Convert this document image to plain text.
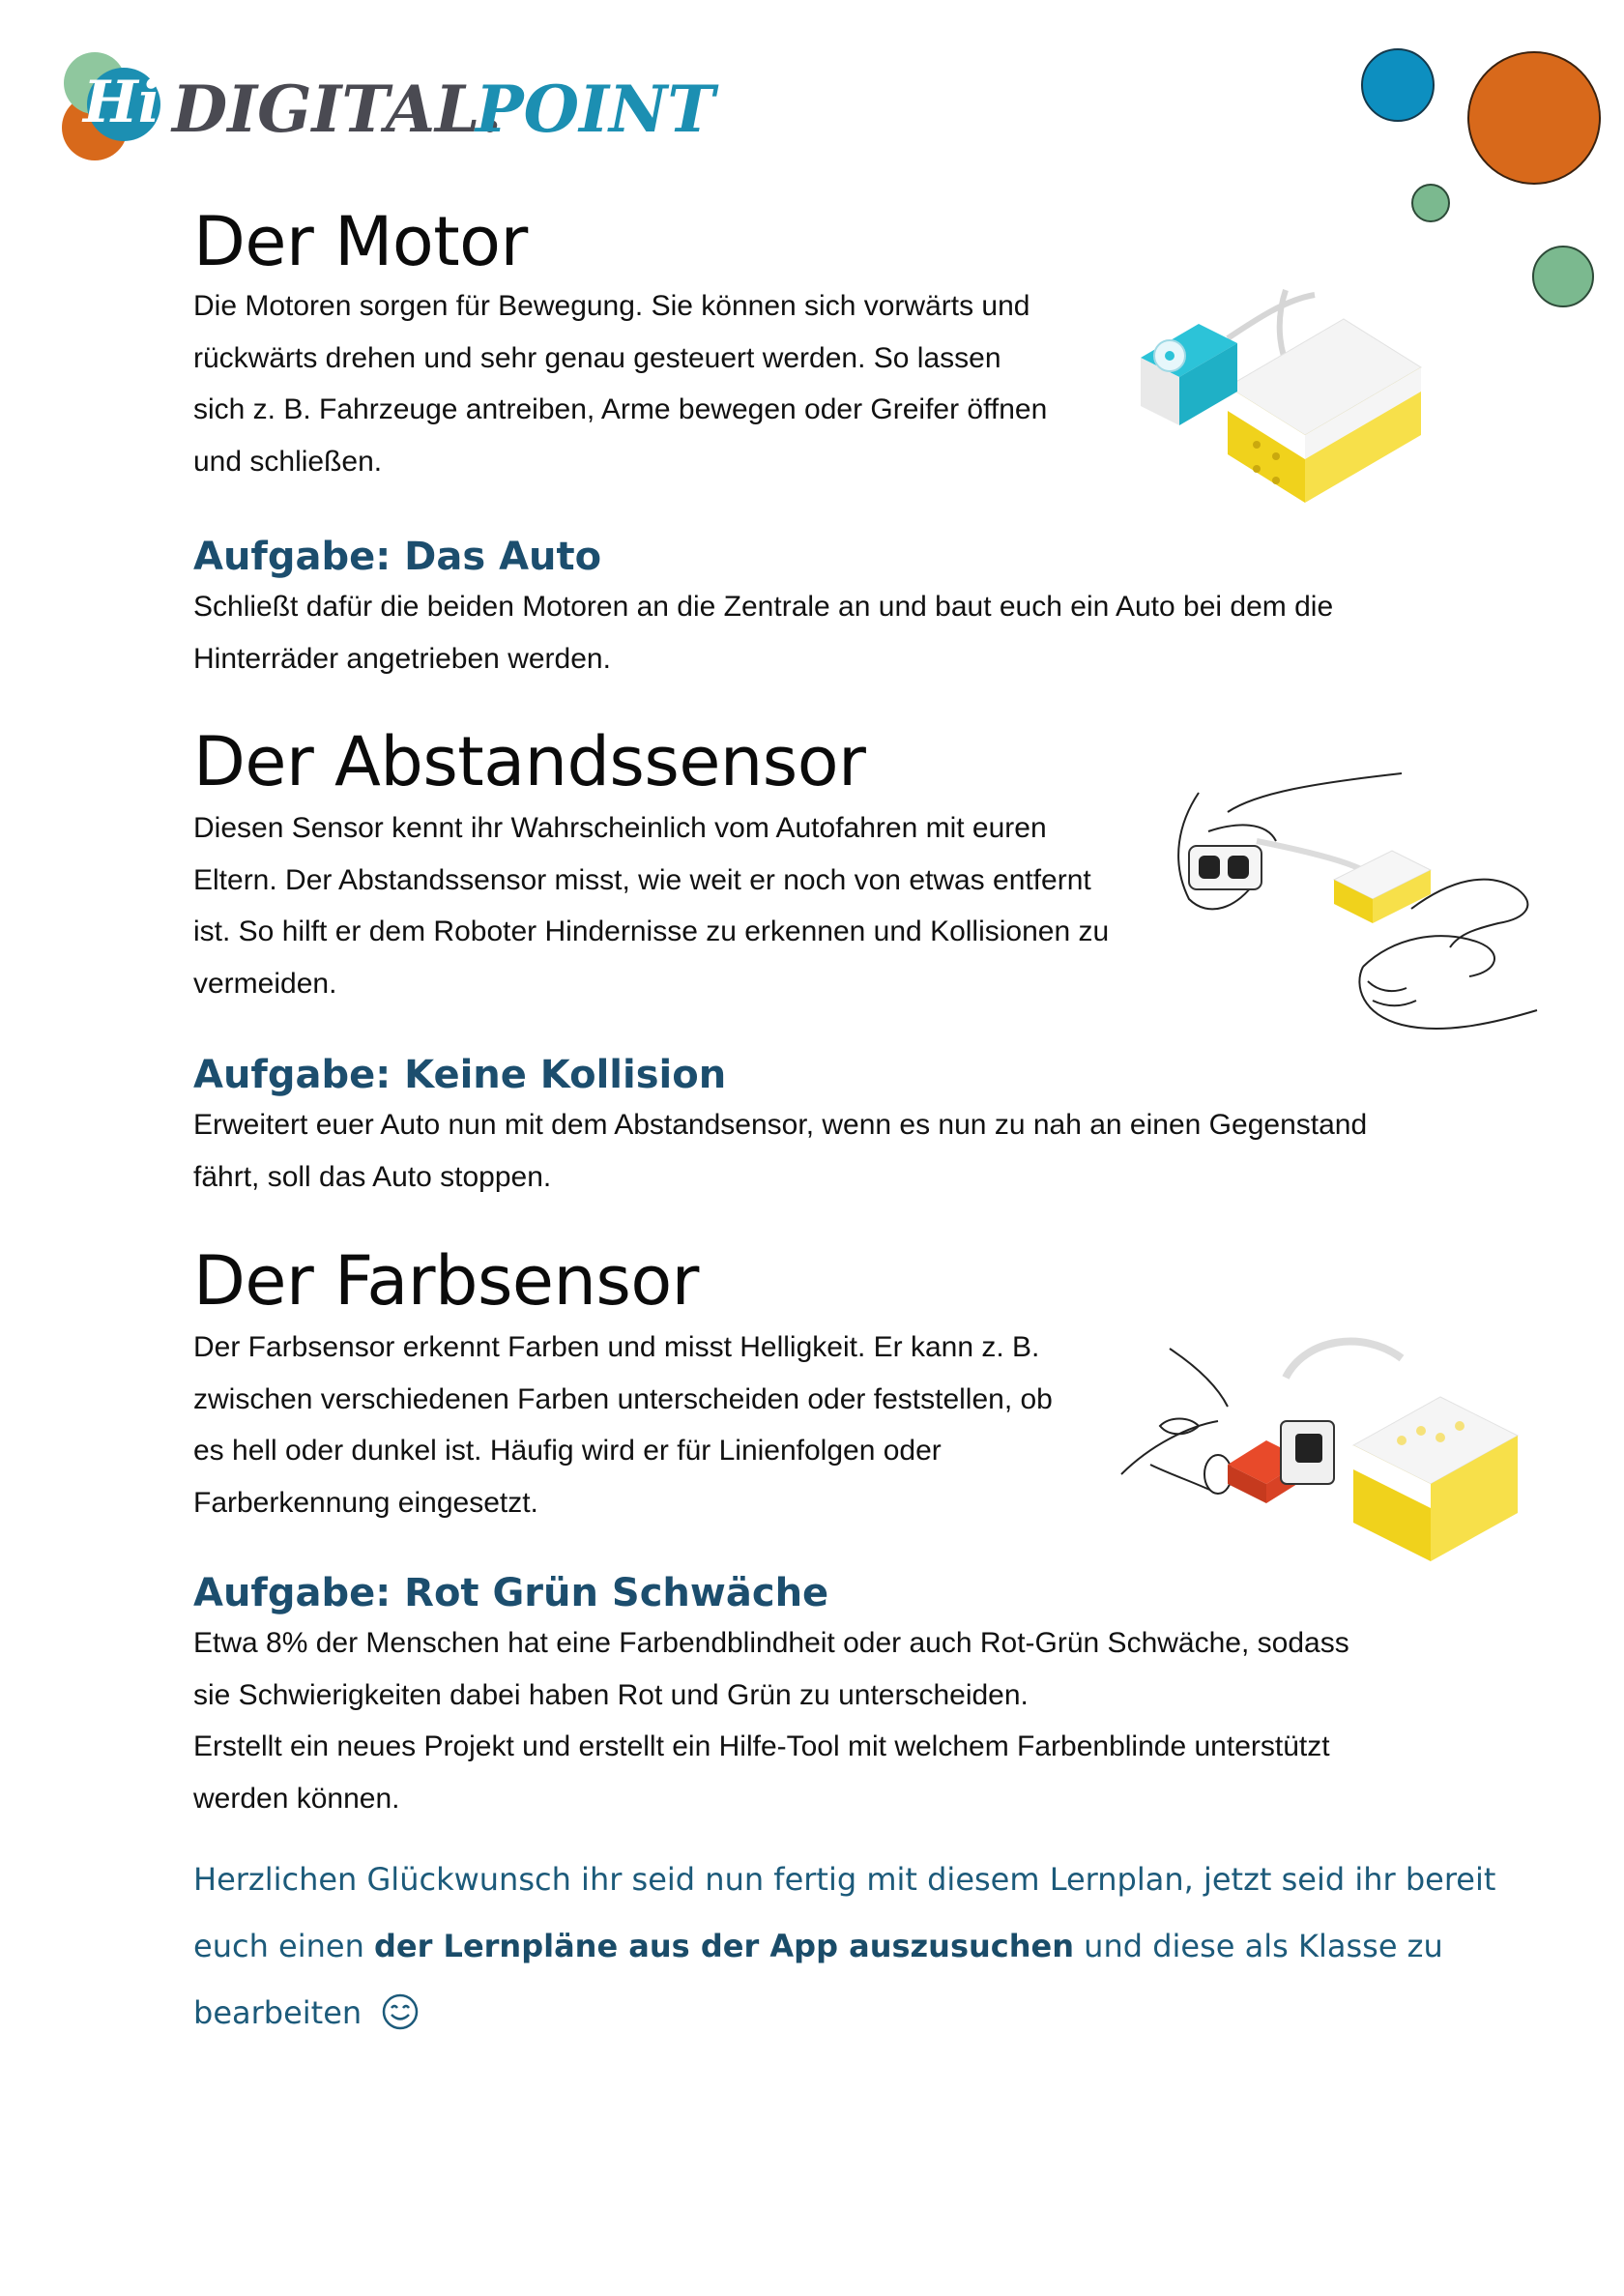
Hi DIGITAL.
POINT
Der Motor
Die Motoren sorgen für Bewegung. Sie können sich vorwärts und
rückwärts drehen und sehr genau gesteuert werden. So lassen
sich z. B. Fahrzeuge antreiben, Arme bewegen oder Greifer öffnen
und schließen.
Aufgabe: Das Auto
Schließt dafür die beiden Motoren an die Zentrale an und baut euch ein Auto bei dem die
Hinterräder angetrieben werden.
Der Abstandssensor
Diesen Sensor kennt ihr Wahrscheinlich vom Autofahren mit euren
Eltern. Der Abstandssensor misst, wie weit er noch von etwas entfernt
ist. So hilft er dem Roboter Hindernisse zu erkennen und Kollisionen zu
vermeiden.
Aufgabe: Keine Kollision
Erweitert euer Auto nun mit dem Abstandsensor, wenn es nun zu nah an einen Gegenstand
fährt, soll das Auto stoppen.
Der Farbsensor
Der Farbsensor erkennt Farben und misst Helligkeit. Er kann z. B.
zwischen verschiedenen Farben unterscheiden oder feststellen, ob
es hell oder dunkel ist. Häufig wird er für Linienfolgen oder
Farberkennung eingesetzt.
Aufgabe: Rot Grün Schwäche
Etwa 8% der Menschen hat eine Farbendblindheit oder auch Rot-Grün Schwäche, sodass
sie Schwierigkeiten dabei haben Rot und Grün zu unterscheiden.
Erstellt ein neues Projekt und erstellt ein Hilfe-Tool mit welchem Farbenblinde unterstützt
werden können.
Herzlichen Glückwunsch ihr seid nun fertig mit diesem Lernplan, jetzt seid ihr bereit
euch einen der Lernpläne aus der App auszusuchen und diese als Klasse zu
bearbeiten
